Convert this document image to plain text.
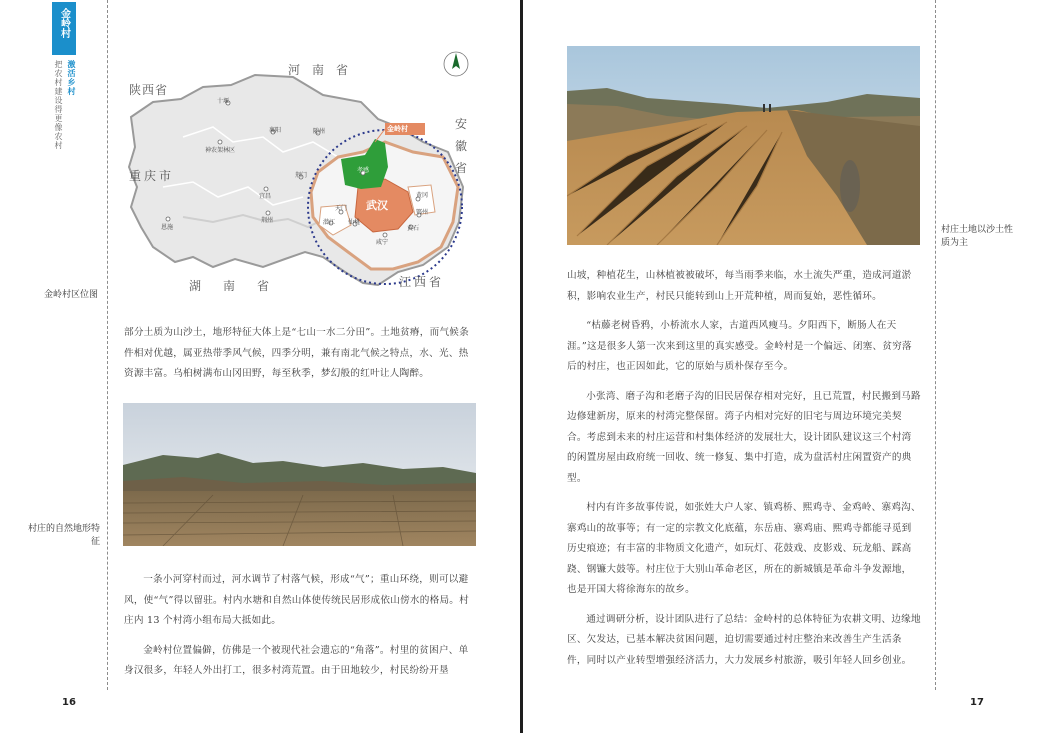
金岭村
激活乡村
把农村建设得更像农村	河南省
陕西省
安徽省
重庆市
湖南省	江西省
金岭村
武汉
十堰
襄阳	随州
神农架林区
荆门
孝感
恩施
宜昌
荆州
天门
潜江 仙桃
咸宁
黄冈
鄂州
黄石
金岭村区位图

部分土质为山沙土，地形特征大体上是“七山一水二分田”。土地贫瘠，而气候条件相对优越，属亚热带季风气候，四季分明，兼有南北气候之特点，水、光、热资源丰富。乌桕树满布山冈田野，每至秋季，梦幻般的红叶让人陶醉。

村庄的自然地形特征

一条小河穿村而过，河水调节了村落气候，形成“气”；重山环绕，则可以避风，使“气”得以留驻。村内水塘和自然山体使传统民居形成依山傍水的格局。村庄内 13 个村湾小组布局大抵如此。

金岭村位置偏僻，仿佛是一个被现代社会遗忘的“角落”。村里的贫困户、单身汉很多，年轻人外出打工，很多村湾荒置。由于田地较少，村民纷纷开垦

16
村庄土地以沙土性质为主

山坡，种植花生，山林植被被破坏，每当雨季来临，水土流失严重，造成河道淤积，影响农业生产，村民只能转到山上开荒种植，周而复始，恶性循环。

“枯藤老树昏鸦，小桥流水人家，古道西风瘦马。夕阳西下，断肠人在天涯。”这是很多人第一次来到这里的真实感受。金岭村是一个偏远、闭塞、贫穷落后的村庄，也正因如此，它的原始与质朴保存至今。

小张湾、磨子沟和老磨子沟的旧民居保存相对完好，且已荒置，村民搬到马路边修建新房，原来的村湾完整保留。湾子内相对完好的旧宅与周边环境完美契合。考虑到未来的村庄运营和村集体经济的发展壮大，设计团队建议这三个村湾的闲置房屋由政府统一回收、统一修复、集中打造，成为盘活村庄闲置资产的典型。

村内有许多故事传说，如张姓大户人家、镇鸡桥、熙鸡寺、金鸡岭、寨鸡沟、寨鸡山的故事等；有一定的宗教文化底蕴，东岳庙、寨鸡庙、熙鸡寺都能寻觅到历史痕迹；有丰富的非物质文化遗产，如玩灯、花鼓戏、皮影戏、玩龙船、踩高跷、钢镰大鼓等。村庄位于大别山革命老区，所在的新城镇是革命斗争发源地，也是开国大将徐海东的故乡。

通过调研分析，设计团队进行了总结：金岭村的总体特征为农耕文明、边缘地区、欠发达，已基本解决贫困问题，迫切需要通过村庄整治来改善生产生活条件，同时以产业转型增强经济活力，大力发展乡村旅游，吸引年轻人回乡创业。

17
